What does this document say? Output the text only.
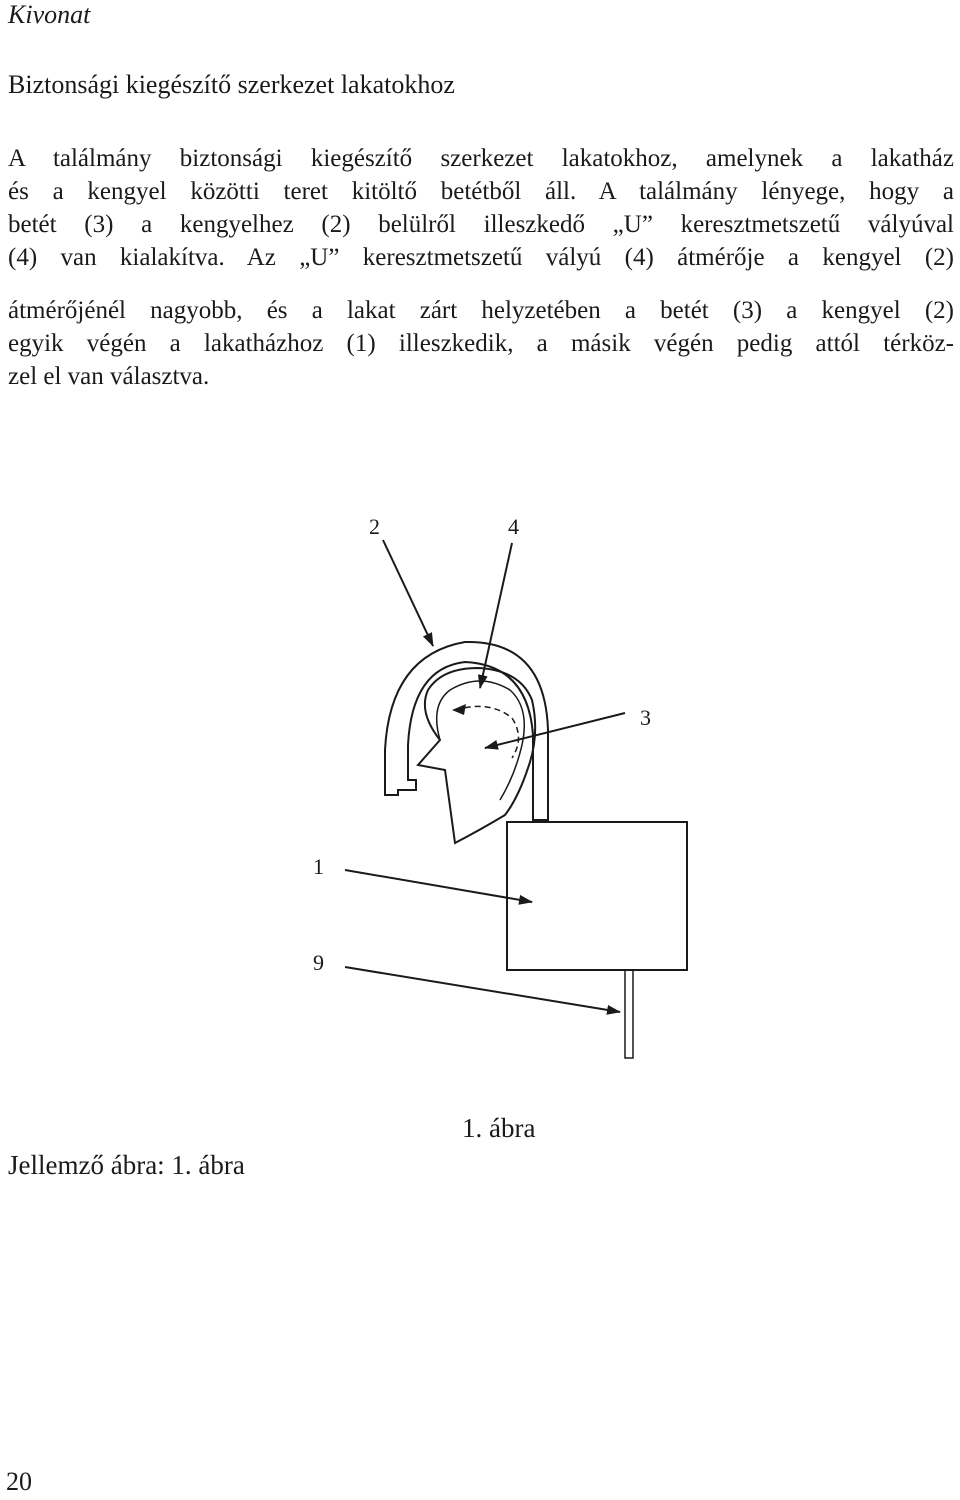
Kivonat
Biztonsági kiegészítő szerkezet lakatokhoz
A találmány biztonsági kiegészítő szerkezet lakatokhoz, amelynek a lakatház
és a kengyel közötti teret kitöltő betétből áll. A találmány lényege, hogy a
betét (3) a kengyelhez (2) belülről illeszkedő „U” keresztmetszetű vályúval
(4) van kialakítva. Az „U” keresztmetszetű vályú (4) átmérője a kengyel (2)
átmérőjénél nagyobb, és a lakat zárt helyzetében a betét (3) a kengyel (2)
egyik végén a lakatházhoz (1) illeszkedik, a másik végén pedig attól térköz-
zel el van választva.
2	4
3
1
9
1. ábra
Jellemző ábra: 1. ábra
20
